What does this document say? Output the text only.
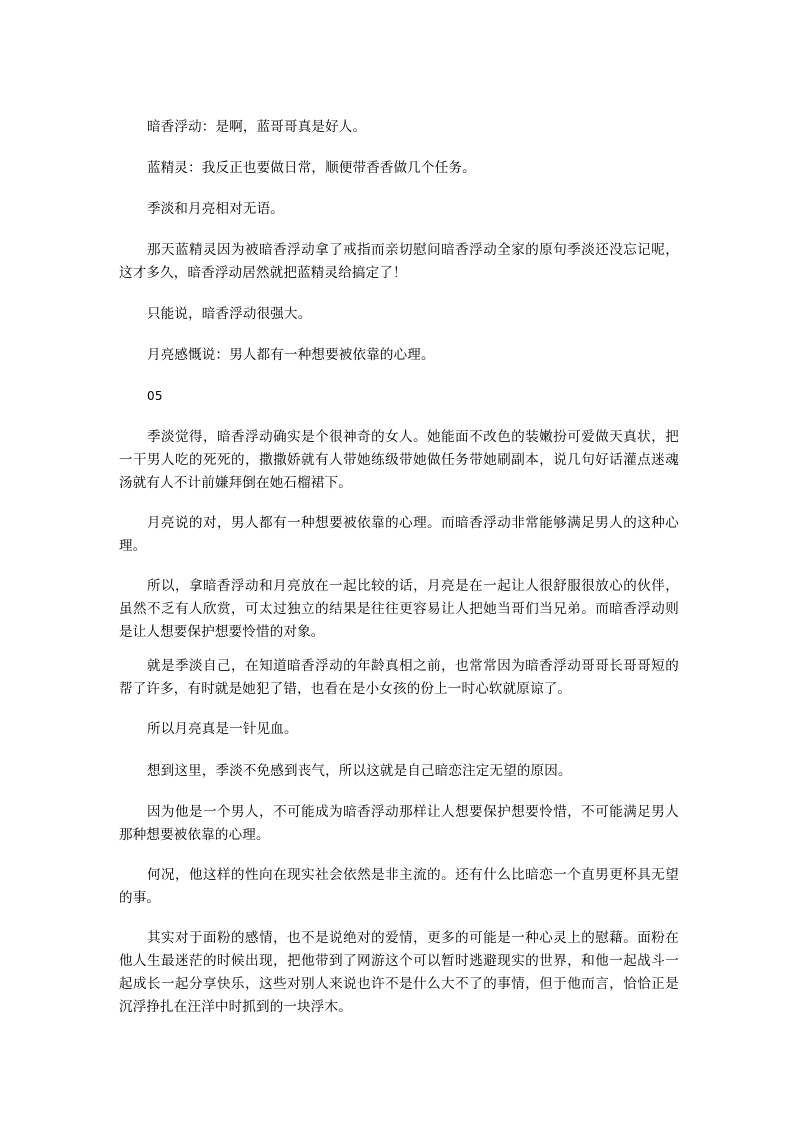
暗香浮动：是啊，蓝哥哥真是好人。

蓝精灵：我反正也要做日常，顺便带香香做几个任务。

季淡和月亮相对无语。

那天蓝精灵因为被暗香浮动拿了戒指而亲切慰问暗香浮动全家的原句季淡还没忘记呢，这才多久，暗香浮动居然就把蓝精灵给搞定了！

只能说，暗香浮动很强大。

月亮感慨说：男人都有一种想要被依靠的心理。

05

季淡觉得，暗香浮动确实是个很神奇的女人。她能面不改色的装嫩扮可爱做天真状，把一干男人吃的死死的，撒撒娇就有人带她练级带她做任务带她刷副本，说几句好话灌点迷魂汤就有人不计前嫌拜倒在她石榴裙下。

月亮说的对，男人都有一种想要被依靠的心理。而暗香浮动非常能够满足男人的这种心理。

所以，拿暗香浮动和月亮放在一起比较的话，月亮是在一起让人很舒服很放心的伙伴，虽然不乏有人欣赏，可太过独立的结果是往往更容易让人把她当哥们当兄弟。而暗香浮动则是让人想要保护想要怜惜的对象。

就是季淡自己，在知道暗香浮动的年龄真相之前，也常常因为暗香浮动哥哥长哥哥短的帮了许多，有时就是她犯了错，也看在是小女孩的份上一时心软就原谅了。

所以月亮真是一针见血。

想到这里，季淡不免感到丧气，所以这就是自己暗恋注定无望的原因。

因为他是一个男人，不可能成为暗香浮动那样让人想要保护想要怜惜，不可能满足男人那种想要被依靠的心理。

何况，他这样的性向在现实社会依然是非主流的。还有什么比暗恋一个直男更杯具无望的事。

其实对于面粉的感情，也不是说绝对的爱情，更多的可能是一种心灵上的慰藉。面粉在他人生最迷茫的时候出现，把他带到了网游这个可以暂时逃避现实的世界，和他一起战斗一起成长一起分享快乐，这些对别人来说也许不是什么大不了的事情，但于他而言，恰恰正是沉浮挣扎在汪洋中时抓到的一块浮木。
